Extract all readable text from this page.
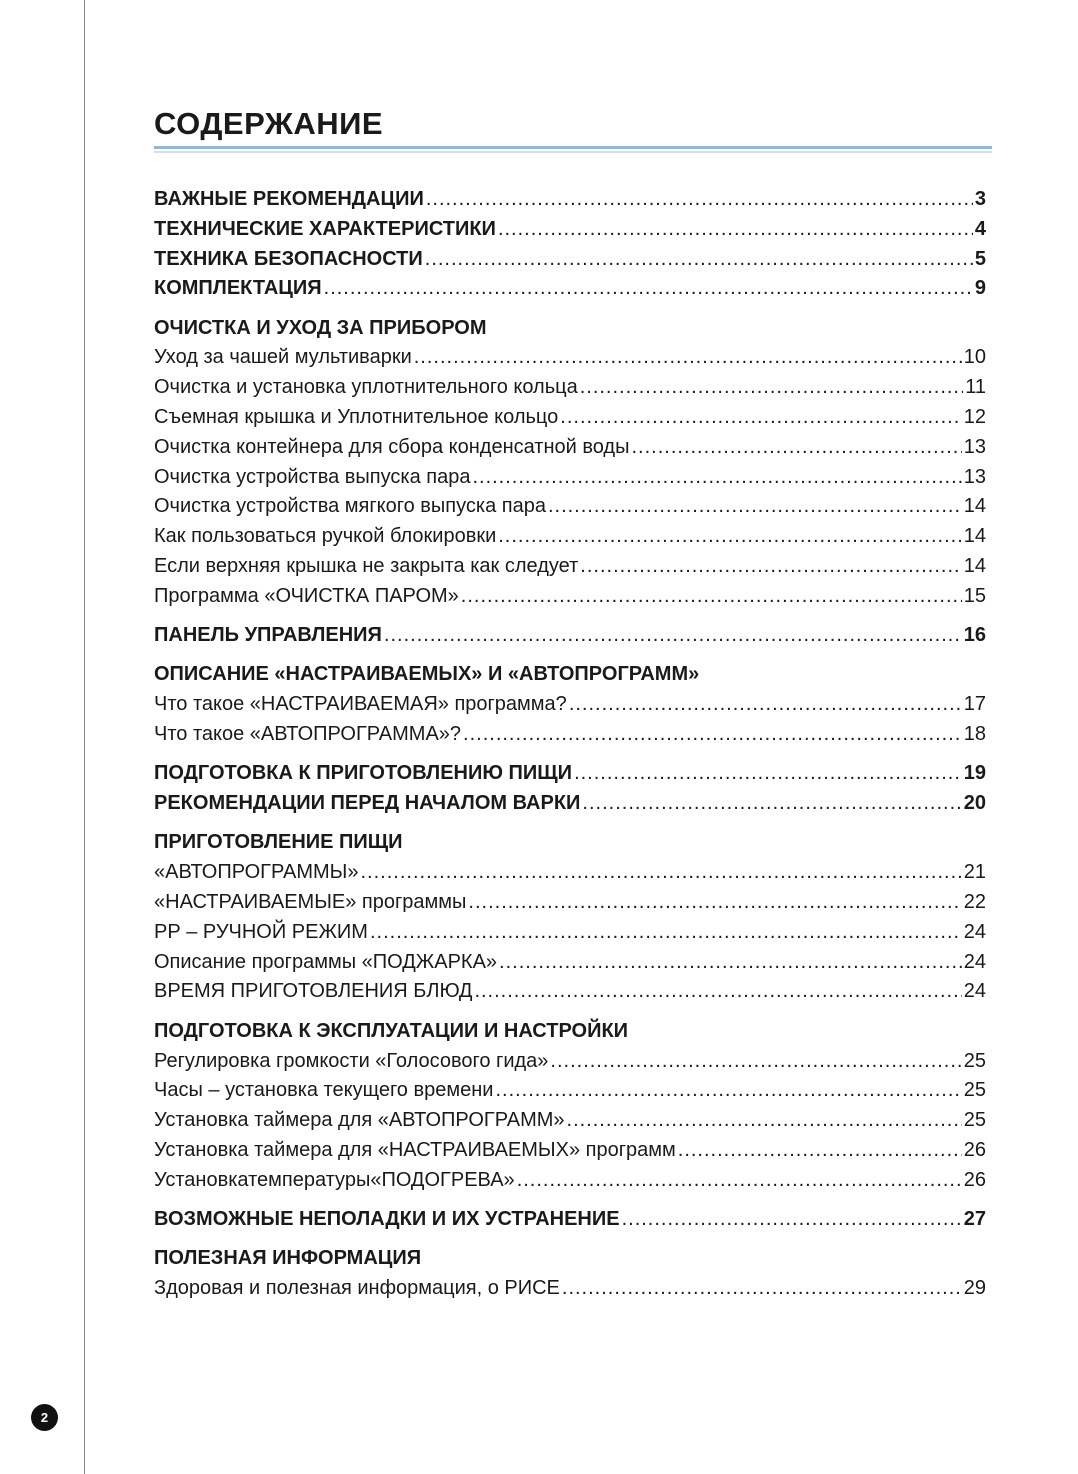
СОДЕРЖАНИЕ
ВАЖНЫЕ РЕКОМЕНДАЦИИ .....	3
ТЕХНИЧЕСКИЕ ХАРАКТЕРИСТИКИ .....	4
ТЕХНИКА БЕЗОПАСНОСТИ .....	5
КОМПЛЕКТАЦИЯ .....	9
ОЧИСТКА И УХОД ЗА ПРИБОРОМ
Уход за чашей мультиварки .....	10
Очистка и установка уплотнительного кольца .....	11
Съемная крышка и Уплотнительное кольцо .....	12
Очистка контейнера для сбора конденсатной воды .....	13
Очистка устройства выпуска пара .....	13
Очистка устройства мягкого выпуска пара .....	14
Как пользоваться ручкой блокировки .....	14
Если верхняя крышка не закрыта как следует .....	14
Программа «ОЧИСТКА ПАРОМ» .....	15
ПАНЕЛЬ УПРАВЛЕНИЯ .....	16
ОПИСАНИЕ «НАСТРАИВАЕМЫХ» И «АВТОПРОГРАММ»
Что такое «НАСТРАИВАЕМАЯ» программа? .....	17
Что такое «АВТОПРОГРАММА»? .....	18
ПОДГОТОВКА К ПРИГОТОВЛЕНИЮ ПИЩИ .....	19
РЕКОМЕНДАЦИИ ПЕРЕД НАЧАЛОМ ВАРКИ .....	20
ПРИГОТОВЛЕНИЕ ПИЩИ
«АВТОПРОГРАММЫ» .....	21
«НАСТРАИВАЕМЫЕ» программы .....	22
РР – РУЧНОЙ РЕЖИМ .....	24
Описание программы «ПОДЖАРКА» .....	24
ВРЕМЯ ПРИГОТОВЛЕНИЯ БЛЮД .....	24
ПОДГОТОВКА К ЭКСПЛУАТАЦИИ И НАСТРОЙКИ
Регулировка громкости «Голосового гида» .....	25
Часы – установка текущего времени .....	25
Установка таймера для «АВТОПРОГРАММ» .....	25
Установка таймера для «НАСТРАИВАЕМЫХ» программ .....	26
Установкатемпературы«ПОДОГРЕВА» .....	26
ВОЗМОЖНЫЕ НЕПОЛАДКИ И ИХ УСТРАНЕНИЕ .....	27
ПОЛЕЗНАЯ ИНФОРМАЦИЯ
Здоровая и полезная информация, о РИСЕ .....	29
2
